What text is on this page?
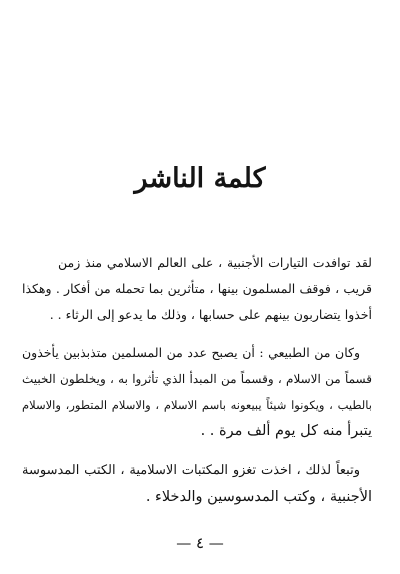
كلمة الناشر
لقد توافدت التيارات الأجنبية ، على العالم الاسلامي منذ زمن
قريب ، فوقف المسلمون بينها ، متأثرين بما تحمله من أفكار . وهكذا
أخذوا يتضاربون بينهم على حسابها ، وذلك ما يدعو إلى الرثاء . .
وكان من الطبيعي : أن يصبح عدد من المسلمين متذبذبين يأخذون
قسماً من الاسلام ، وقسماً من المبدأ الذي تأثروا به ، ويخلطون الخبيث
بالطيب ، ويكونوا شيئاً يبيعونه باسم الاسلام ، والاسلام المتطور، والاسلام
يتبرأ منه كل يوم ألف مرة . .
وتبعاً لذلك ، اخذت تغزو المكتبات الاسلامية ، الكتب المدسوسة
الأجنبية ، وكتب المدسوسين والدخلاء .
— ٤ —
